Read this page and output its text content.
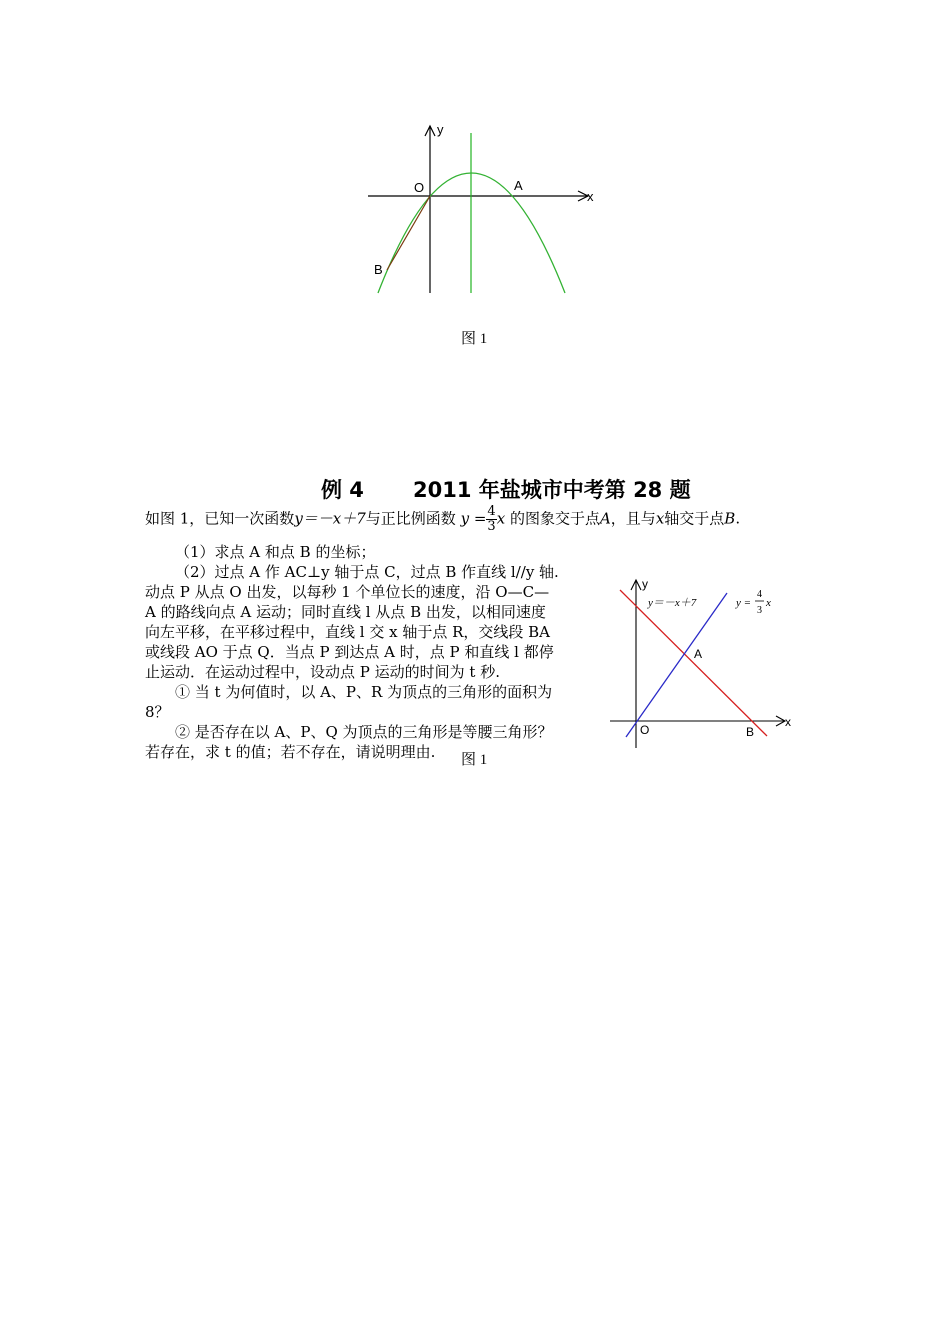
y
x
O	A
B
图 1
例 4 2011 年盐城市中考第 28 题
如图 1，已知一次函数y＝－x＋7与正比例函数 $y = \frac{4}{3}$ x 的图象交于点A，且与x轴交于点B.
（1）求点 A 和点 B 的坐标；
（2）过点 A 作 AC⊥y 轴于点 C，过点 B 作直线 l//y 轴.
动点 P 从点 O 出发，以每秒 1 个单位长的速度，沿 O—C—
A 的路线向点 A 运动；同时直线 l 从点 B 出发，以相同速度
向左平移，在平移过程中，直线 l 交 x 轴于点 R，交线段 BA
或线段 AO 于点 Q．当点 P 到达点 A 时，点 P 和直线 l 都停
止运动．在运动过程中，设动点 P 运动的时间为 t 秒.
① 当 t 为何值时，以 A、P、R 为顶点的三角形的面积为
8？
② 是否存在以 A、P、Q 为顶点的三角形是等腰三角形？
若存在，求 t 的值；若不存在，请说明理由. 图 1
y
x
O
A
B
y＝－x＋7	y =
4
3
x
